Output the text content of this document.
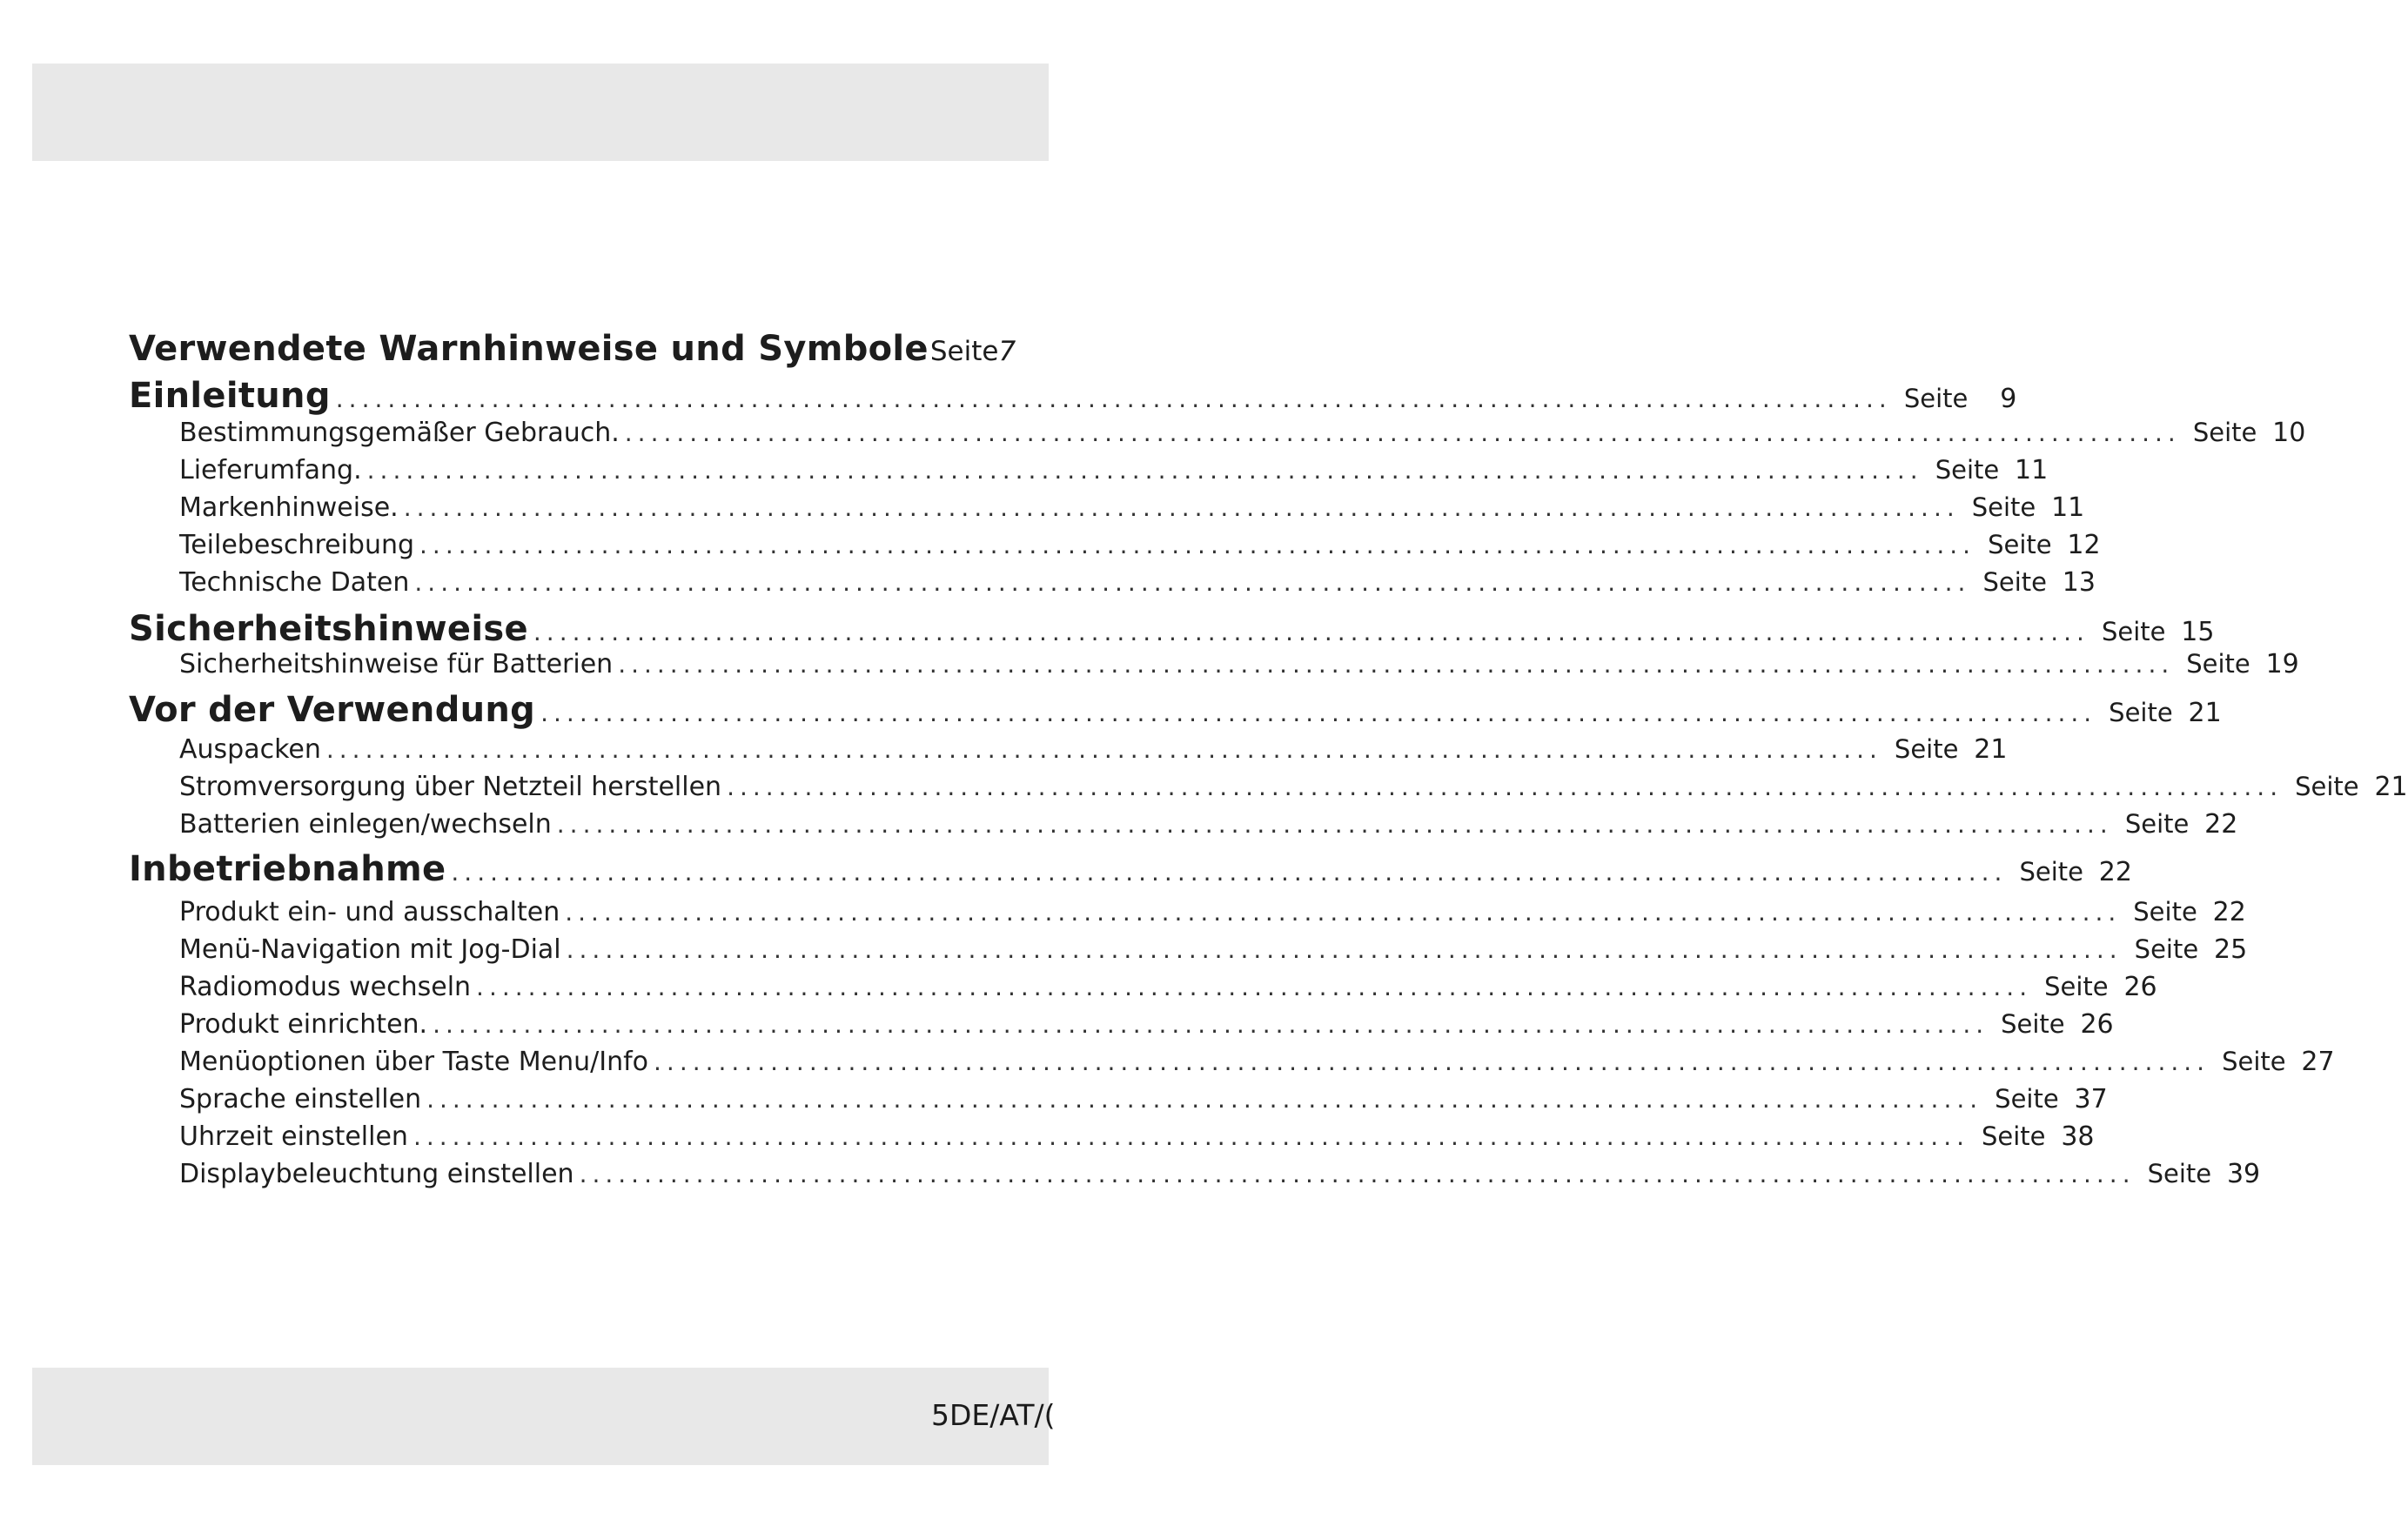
Verwendete Warnhinweise und Symbole Seite 7
Einleitung ........................................................................................................................ Seite	9
Bestimmungsgemäßer Gebrauch. ........................................................................................................................ Seite 10
Lieferumfang. ........................................................................................................................ Seite 11
Markenhinweise. ........................................................................................................................ Seite 11
Teilebeschreibung ........................................................................................................................ Seite 12
Technische Daten ........................................................................................................................ Seite 13
Sicherheitshinweise ........................................................................................................................ Seite 15
Sicherheitshinweise für Batterien ........................................................................................................................ Seite 19
Vor der Verwendung ........................................................................................................................ Seite 21
Auspacken ........................................................................................................................ Seite 21
Stromversorgung über Netzteil herstellen ........................................................................................................................ Seite 21
Batterien einlegen/wechseln ........................................................................................................................ Seite 22
Inbetriebnahme ........................................................................................................................ Seite 22
Produkt ein- und ausschalten ........................................................................................................................ Seite 22
Menü-Navigation mit Jog-Dial ........................................................................................................................ Seite 25
Radiomodus wechseln ........................................................................................................................ Seite 26
Produkt einrichten. ........................................................................................................................ Seite 26
Menüoptionen über Taste Menu/Info ........................................................................................................................ Seite 27
Sprache einstellen ........................................................................................................................ Seite 37
Uhrzeit einstellen ........................................................................................................................ Seite 38
Displaybeleuchtung einstellen ........................................................................................................................ Seite 39
5DE/AT/(
